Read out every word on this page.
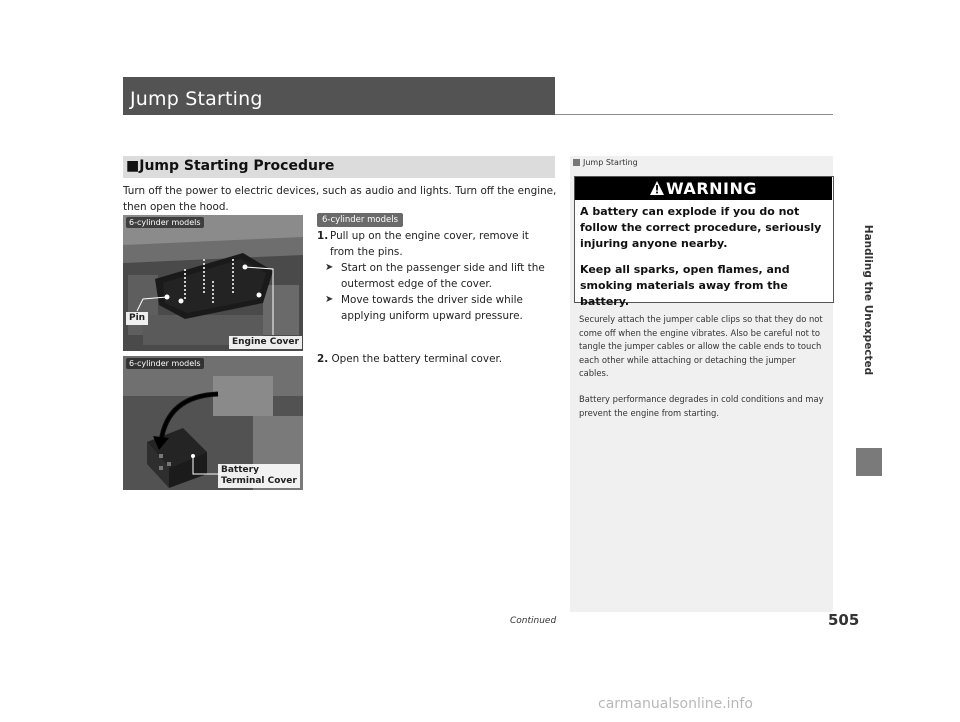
Jump Starting
■Jump Starting Procedure
Turn off the power to electric devices, such as audio and lights. Turn off the engine, then open the hood.
6-cylinder models
Pin
Engine Cover
6-cylinder models
Battery
Terminal Cover
6-cylinder models
1. Pull up on the engine cover, remove it from the pins.
➤ Start on the passenger side and lift the outermost edge of the cover.
➤ Move towards the driver side while applying uniform upward pressure.
2. Open the battery terminal cover.
Jump Starting
WARNING
A battery can explode if you do not follow the correct procedure, seriously injuring anyone nearby.
Keep all sparks, open flames, and smoking materials away from the battery.
Securely attach the jumper cable clips so that they do not come off when the engine vibrates. Also be careful not to tangle the jumper cables or allow the cable ends to touch each other while attaching or detaching the jumper cables.
Battery performance degrades in cold conditions and may prevent the engine from starting.
Handling the Unexpected
Continued	505
carmanualsonline.info
